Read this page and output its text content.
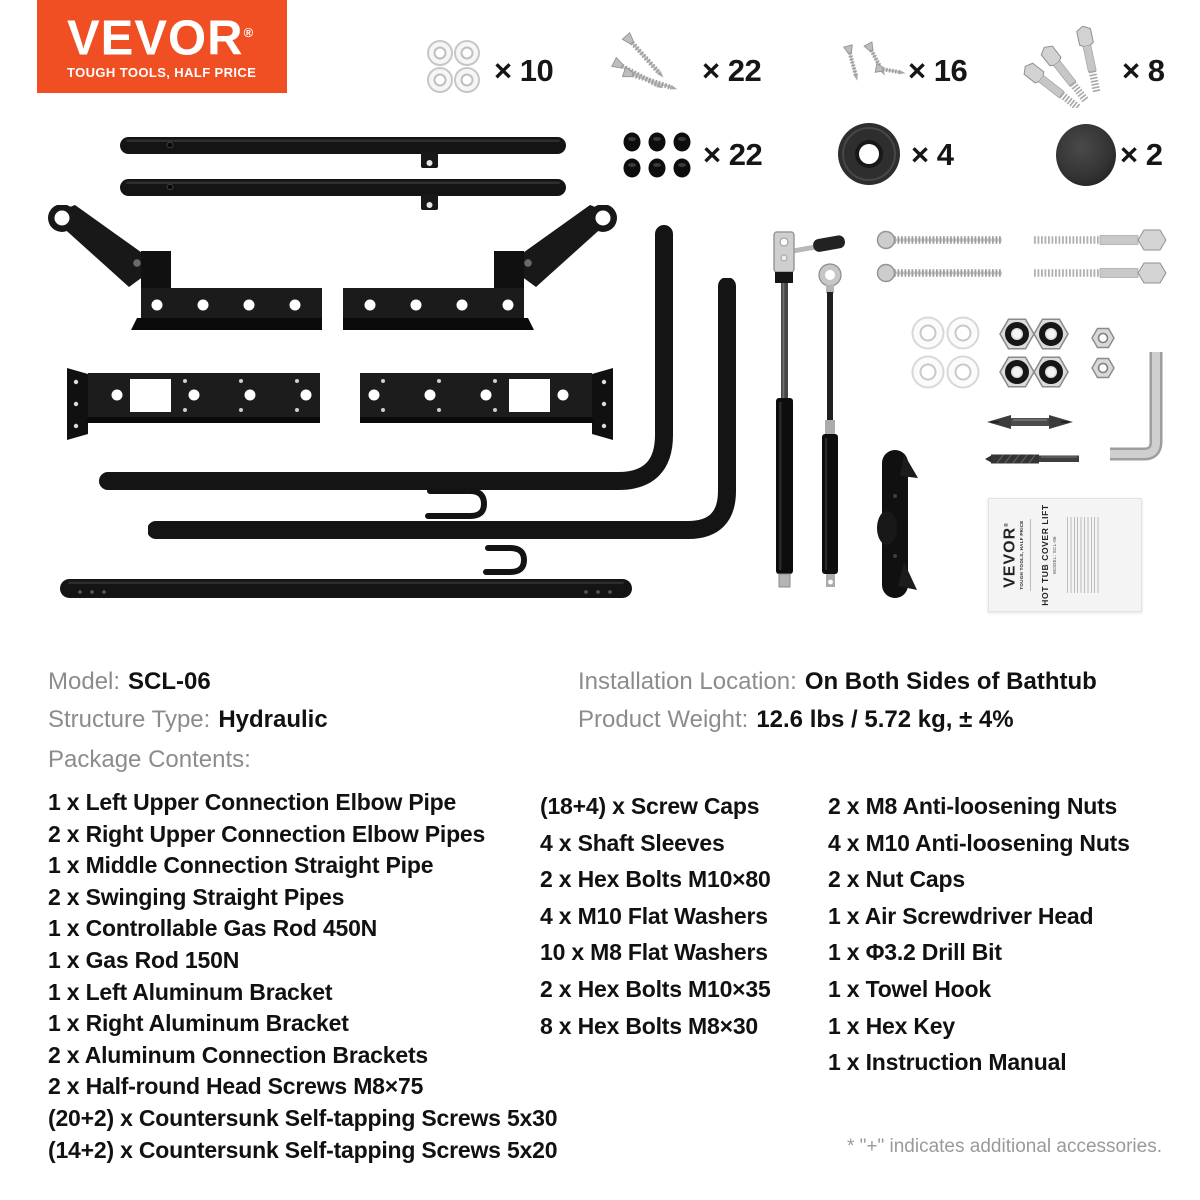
VEVOR®
TOUGH TOOLS, HALF PRICE	× 10	× 22	× 16	× 8
× 22	× 4	× 2
VEVOR®	TOUGH TOOLS, HALF PRICE HOT TUB COVER LIFT MODEL: SCL-06
Model: SCL-06	Installation Location: On Both Sides of Bathtub
Structure Type: Hydraulic	Product Weight: 12.6 lbs / 5.72 kg, ± 4%
Package Contents:
1 x Left Upper Connection Elbow Pipe
2 x Right Upper Connection Elbow Pipes
1 x Middle Connection Straight Pipe
2 x Swinging Straight Pipes
1 x Controllable Gas Rod 450N
1 x Gas Rod 150N
1 x Left Aluminum Bracket
1 x Right Aluminum Bracket
2 x Aluminum Connection Brackets
2 x Half-round Head Screws M8×75
(20+2) x Countersunk Self-tapping Screws 5x30
(14+2) x Countersunk Self-tapping Screws 5x20
(18+4) x Screw Caps
4 x Shaft Sleeves
2 x Hex Bolts M10×80
4 x M10 Flat Washers
10 x M8 Flat Washers
2 x Hex Bolts M10×35
8 x Hex Bolts M8×30
2 x M8 Anti-loosening Nuts
4 x M10 Anti-loosening Nuts
2 x Nut Caps
1 x Air Screwdriver Head
1 x Φ3.2 Drill Bit
1 x Towel Hook
1 x Hex Key
1 x Instruction Manual
* "+" indicates additional accessories.
